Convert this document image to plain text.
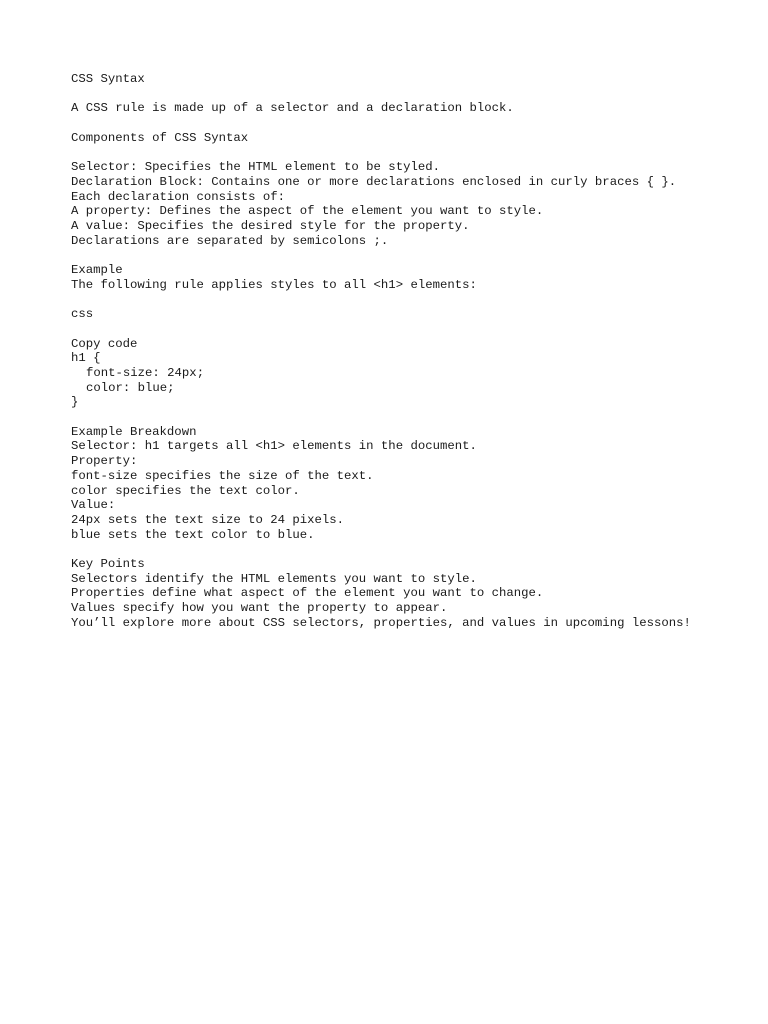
CSS Syntax
A CSS rule is made up of a selector and a declaration block.
Components of CSS Syntax
Selector: Specifies the HTML element to be styled.
Declaration Block: Contains one or more declarations enclosed in curly braces { }.
Each declaration consists of:
A property: Defines the aspect of the element you want to style.
A value: Specifies the desired style for the property.
Declarations are separated by semicolons ;.
Example
The following rule applies styles to all <h1> elements:
css
Copy code
h1 {
font-size: 24px;
color: blue;
}
Example Breakdown
Selector: h1 targets all <h1> elements in the document.
Property:
font-size specifies the size of the text.
color specifies the text color.
Value:
24px sets the text size to 24 pixels.
blue sets the text color to blue.
Key Points
Selectors identify the HTML elements you want to style.
Properties define what aspect of the element you want to change.
Values specify how you want the property to appear.
You’ll explore more about CSS selectors, properties, and values in upcoming lessons!
